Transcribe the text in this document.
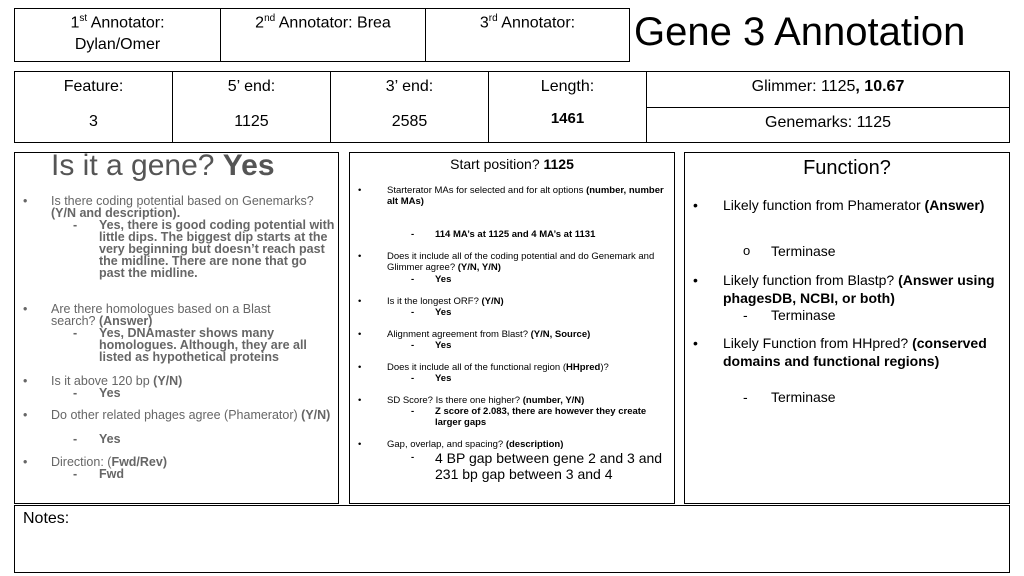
1st Annotator:
Dylan/Omer
2nd Annotator: Brea	3rd Annotator:	Gene 3 Annotation
Feature:
3
5’ end:
1125
3’ end:
2585
Length:
1461
Glimmer: 1125, 10.67
Genemarks: 1125
Is it a gene? Yes
• Is there coding potential based on Genemarks? (Y/N and description).
- Yes, there is good coding potential with little dips. The biggest dip starts at the very beginning but doesn’t reach past the midline. There are none that go past the midline.
• Are there homologues based on a Blast search? (Answer)
- Yes, DNAmaster shows many homologues. Although, they are all listed as hypothetical proteins
• Is it above 120 bp (Y/N)
- Yes
• Do other related phages agree (Phamerator) (Y/N)
- Yes
• Direction: (Fwd/Rev)
- Fwd
Start position? 1125
•	Starterator MAs for selected and for alt options (number, number alt MAs)
- 114 MA’s at 1125 and 4 MA’s at 1131
•	Does it include all of the coding potential and do Genemark and Glimmer agree? (Y/N, Y/N)
- Yes
•	Is it the longest ORF? (Y/N)
- Yes
•	Alignment agreement from Blast? (Y/N, Source)
- Yes
•	Does it include all of the functional region (HHpred)?
- Yes
•	SD Score? Is there one higher? (number, Y/N)
- Z score of 2.083, there are however they create larger gaps
•	Gap, overlap, and spacing? (description)
- 4 BP gap between gene 2 and 3 and 231 bp gap between 3 and 4
Function?
• Likely function from Phamerator (Answer)
o Terminase
• Likely function from Blastp? (Answer using phagesDB, NCBI, or both)
- Terminase
• Likely Function from HHpred? (conserved domains and functional regions)
- Terminase
Notes:
